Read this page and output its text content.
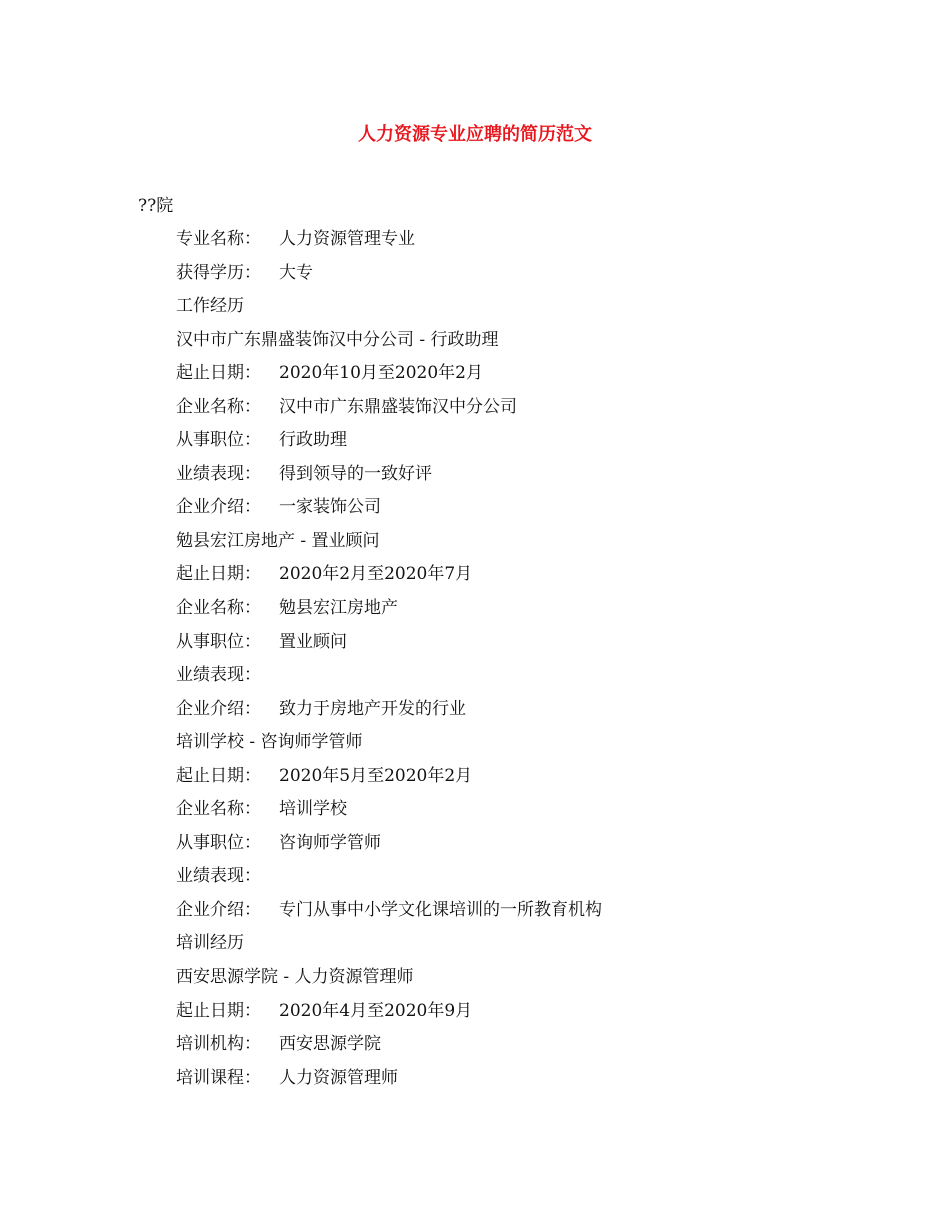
人力资源专业应聘的简历范文
??院
专业名称：	人力资源管理专业
获得学历：	大专
工作经历
汉中市广东鼎盛装饰汉中分公司 - 行政助理
起止日期：	2020年10月至2020年2月
企业名称：	汉中市广东鼎盛装饰汉中分公司
从事职位：	行政助理
业绩表现：	得到领导的一致好评
企业介绍：	一家装饰公司
勉县宏江房地产 - 置业顾问
起止日期：	2020年2月至2020年7月
企业名称：	勉县宏江房地产
从事职位：	置业顾问
业绩表现：
企业介绍：	致力于房地产开发的行业
培训学校 - 咨询师学管师
起止日期：	2020年5月至2020年2月
企业名称：	培训学校
从事职位：	咨询师学管师
业绩表现：
企业介绍：	专门从事中小学文化课培训的一所教育机构
培训经历
西安思源学院 - 人力资源管理师
起止日期：	2020年4月至2020年9月
培训机构：	西安思源学院
培训课程：	人力资源管理师
